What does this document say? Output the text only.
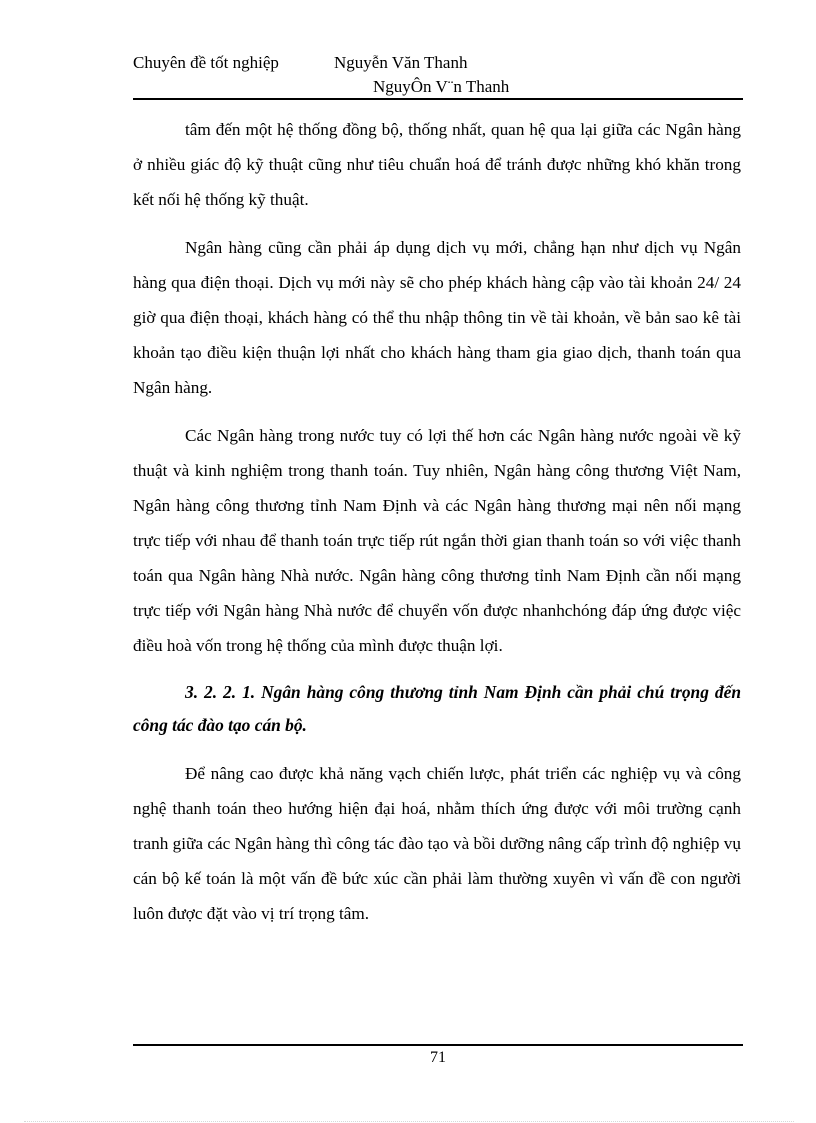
Chuyên đề tốt nghiệp	Nguyễn Văn Thanh
NguyÔn V¨n Thanh

tâm đến một hệ thống đồng bộ, thống nhất, quan hệ qua lại giữa các Ngân hàng ở nhiều giác độ kỹ thuật cũng như tiêu chuẩn hoá để tránh được những khó khăn trong kết nối hệ thống kỹ thuật.

Ngân hàng cũng cần phải áp dụng dịch vụ mới, chẳng hạn như dịch vụ Ngân hàng qua điện thoại. Dịch vụ mới này sẽ cho phép khách hàng cập vào tài khoản 24/ 24 giờ qua điện thoại, khách hàng có thể thu nhập thông tin về tài khoản, về bản sao kê tài khoản tạo điều kiện thuận lợi nhất cho khách hàng tham gia giao dịch, thanh toán qua Ngân hàng.

Các Ngân hàng trong nước tuy có lợi thế hơn các Ngân hàng nước ngoài về kỹ thuật và kinh nghiệm trong thanh toán. Tuy nhiên, Ngân hàng công thương Việt Nam, Ngân hàng công thương tỉnh Nam Định và các Ngân hàng thương mại nên nối mạng trực tiếp với nhau để thanh toán trực tiếp rút ngắn thời gian thanh toán so với việc thanh toán qua Ngân hàng Nhà nước. Ngân hàng công thương tỉnh Nam Định cần nối mạng trực tiếp với Ngân hàng Nhà nước để chuyển vốn được nhanhchóng đáp ứng được việc điều hoà vốn trong hệ thống của mình được thuận lợi.

3. 2. 2. 1. Ngân hàng công thương tỉnh Nam Định cần phải chú trọng đến công tác đào tạo cán bộ.

Để nâng cao được khả năng vạch chiến lược, phát triển các nghiệp vụ và công nghệ thanh toán theo hướng hiện đại hoá, nhằm thích ứng được với môi trường cạnh tranh giữa các Ngân hàng thì công tác đào tạo và bồi dưỡng nâng cấp trình độ nghiệp vụ cán bộ kế toán là một vấn đề bức xúc cần phải làm thường xuyên vì vấn đề con người luôn được đặt vào vị trí trọng tâm.

71
